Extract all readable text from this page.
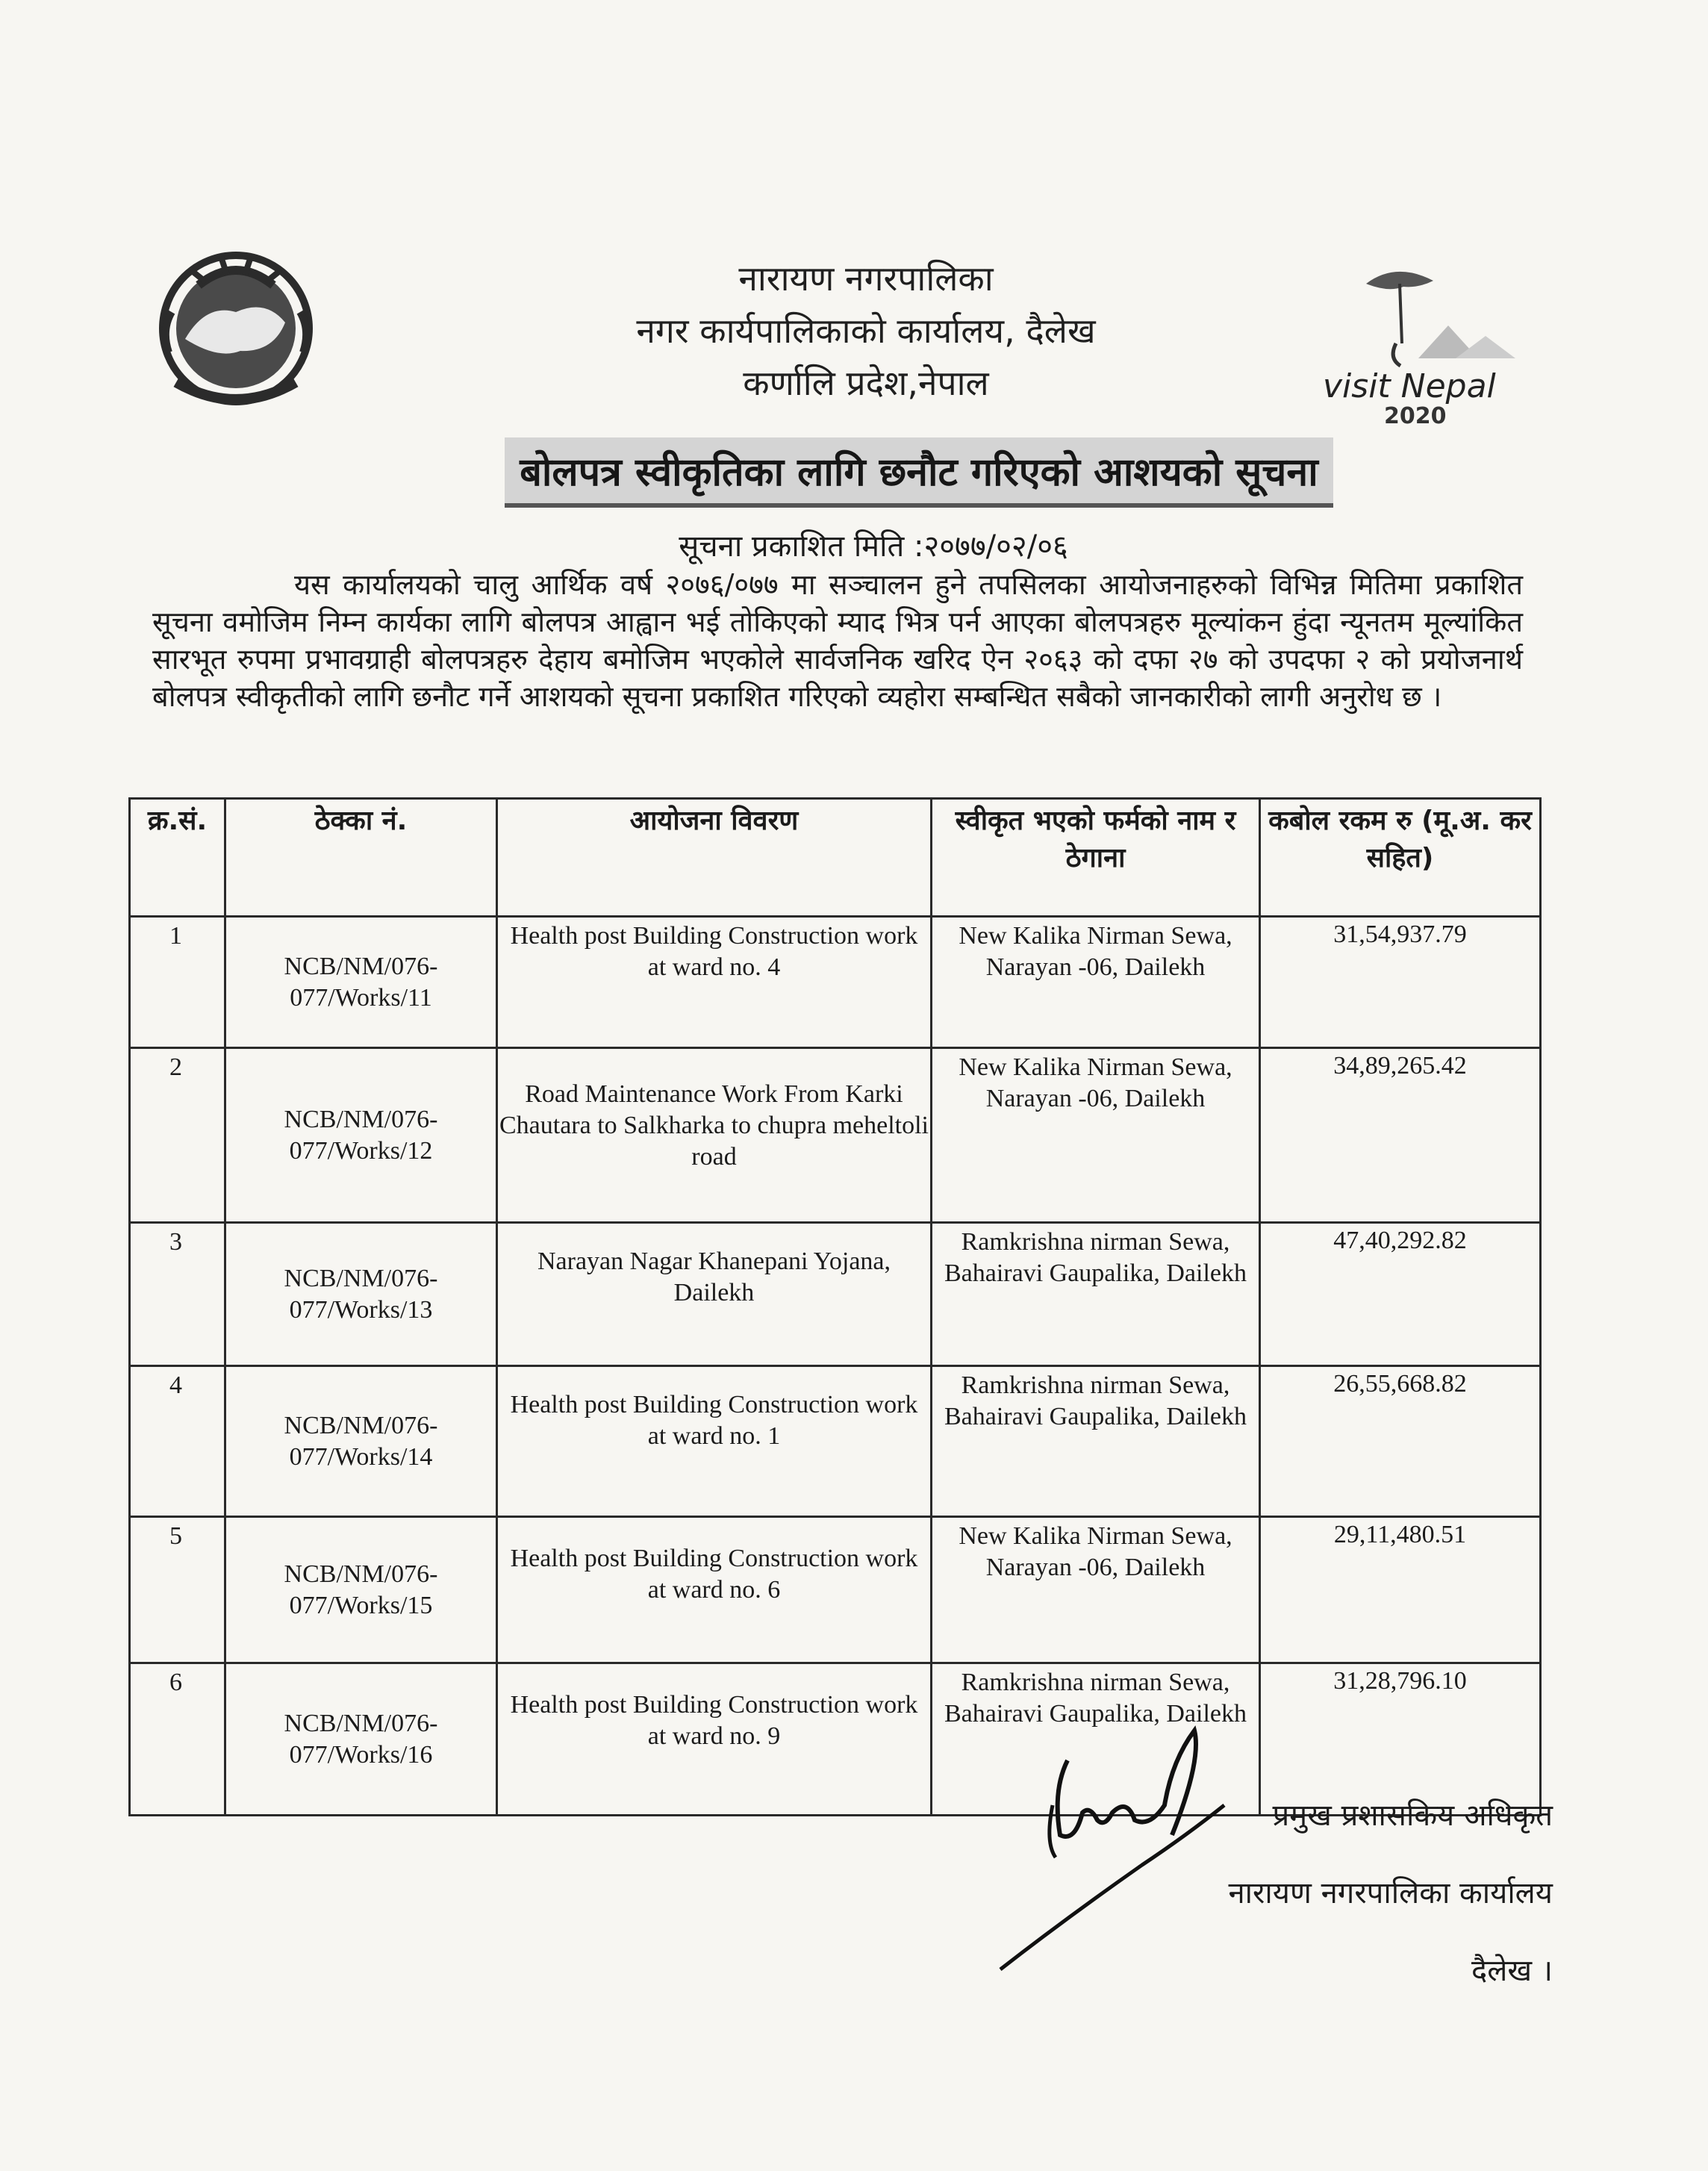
visit Nepal
2020
नारायण नगरपालिका
नगर कार्यपालिकाको कार्यालय, दैलेख
कर्णालि प्रदेश,नेपाल
बोलपत्र स्वीकृतिका लागि छनौट गरिएको आशयको सूचना
सूचना प्रकाशित मिति :२०७७/०२/०६
यस कार्यालयको चालु आर्थिक वर्ष २०७६/०७७ मा सञ्चालन हुने तपसिलका आयोजनाहरुको विभिन्न मितिमा प्रकाशित सूचना वमोजिम निम्न कार्यका लागि बोलपत्र आह्वान भई तोकिएको म्याद भित्र पर्न आएका बोलपत्रहरु मूल्यांकन हुंदा न्यूनतम मूल्यांकित सारभूत रुपमा प्रभावग्राही बोलपत्रहरु देहाय बमोजिम भएकोले सार्वजनिक खरिद ऐन २०६३ को दफा २७ को उपदफा २ को प्रयोजनार्थ बोलपत्र स्वीकृतीको लागि छनौट गर्ने आशयको सूचना प्रकाशित गरिएको व्यहोरा सम्बन्धित सबैको जानकारीको लागी अनुरोध छ ।
क्र.सं.	ठेक्का नं.	आयोजना विवरण	स्वीकृत भएको फर्मको नाम र ठेगाना	कबोल रकम रु (मू.अ. कर सहित)
1	NCB/NM/076-077/Works/11	Health post Building Construction work at ward no. 4	New Kalika Nirman Sewa, Narayan -06, Dailekh	31,54,937.79
2	NCB/NM/076-077/Works/12	Road Maintenance Work From Karki Chautara to Salkharka to chupra meheltoli road	New Kalika Nirman Sewa, Narayan -06, Dailekh	34,89,265.42
3	NCB/NM/076-077/Works/13	Narayan Nagar Khanepani Yojana, Dailekh	Ramkrishna nirman Sewa, Bahairavi Gaupalika, Dailekh	47,40,292.82
4	NCB/NM/076-077/Works/14	Health post Building Construction work at ward no. 1	Ramkrishna nirman Sewa, Bahairavi Gaupalika, Dailekh	26,55,668.82
5	NCB/NM/076-077/Works/15	Health post Building Construction work at ward no. 6	New Kalika Nirman Sewa, Narayan -06, Dailekh	29,11,480.51
6	NCB/NM/076-077/Works/16	Health post Building Construction work at ward no. 9	Ramkrishna nirman Sewa, Bahairavi Gaupalika, Dailekh	31,28,796.10
प्रमुख प्रशासकिय अधिकृत
नारायण नगरपालिका कार्यालय
दैलेख ।
